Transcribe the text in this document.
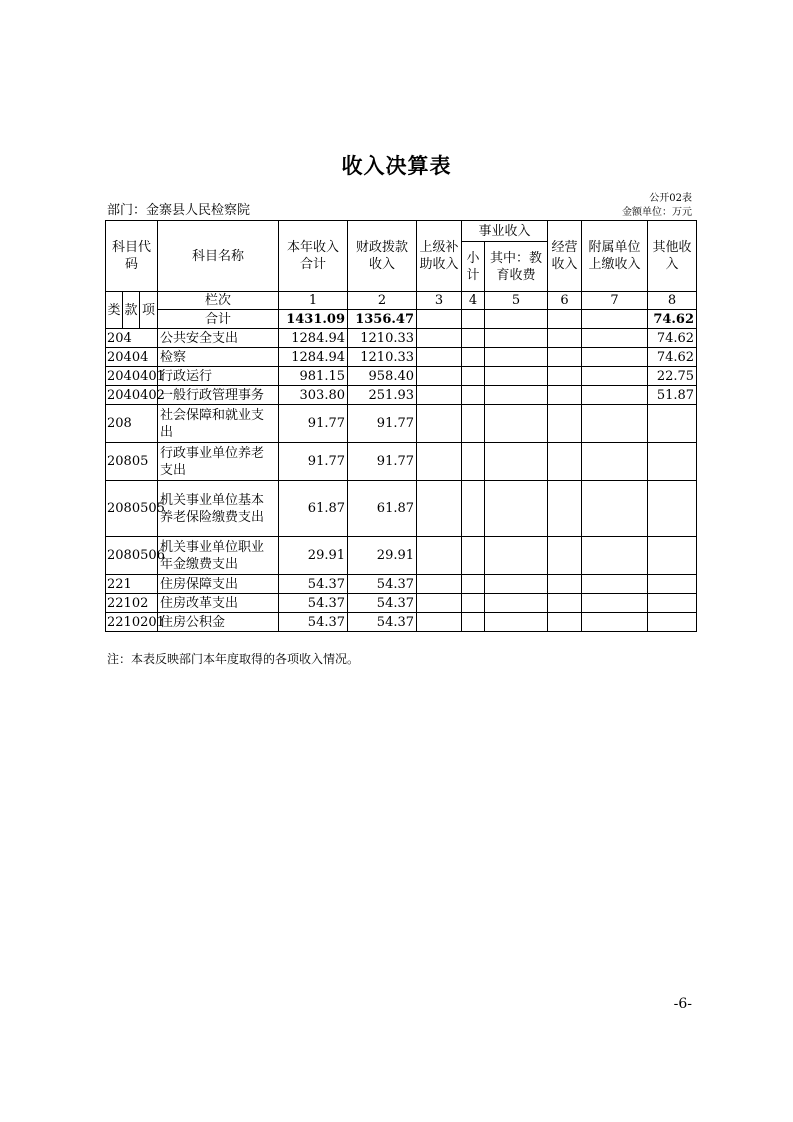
收入决算表
公开02表
金额单位：万元
部门：金寨县人民检察院
科目代码			科目名称	本年收入合计	财政拨款收入	上级补助收入	事业收入		经营收入	附属单位上缴收入	其他收入
							小计	其中：教育收费			
类	款	项	栏次	1	2	3	4	5	6	7	8
			合计	1431.09	1356.47						74.62
204			公共安全支出	1284.94	1210.33						74.62
20404			检察	1284.94	1210.33						74.62
2040401			行政运行	981.15	958.40						22.75
2040402			一般行政管理事务	303.80	251.93						51.87
208			社会保障和就业支出	91.77	91.77						
20805			行政事业单位养老支出	91.77	91.77						
2080505			机关事业单位基本养老保险缴费支出	61.87	61.87						
2080506			机关事业单位职业年金缴费支出	29.91	29.91						
221			住房保障支出	54.37	54.37						
22102			住房改革支出	54.37	54.37						
2210201			住房公积金	54.37	54.37						
注：本表反映部门本年度取得的各项收入情况。
-6-
